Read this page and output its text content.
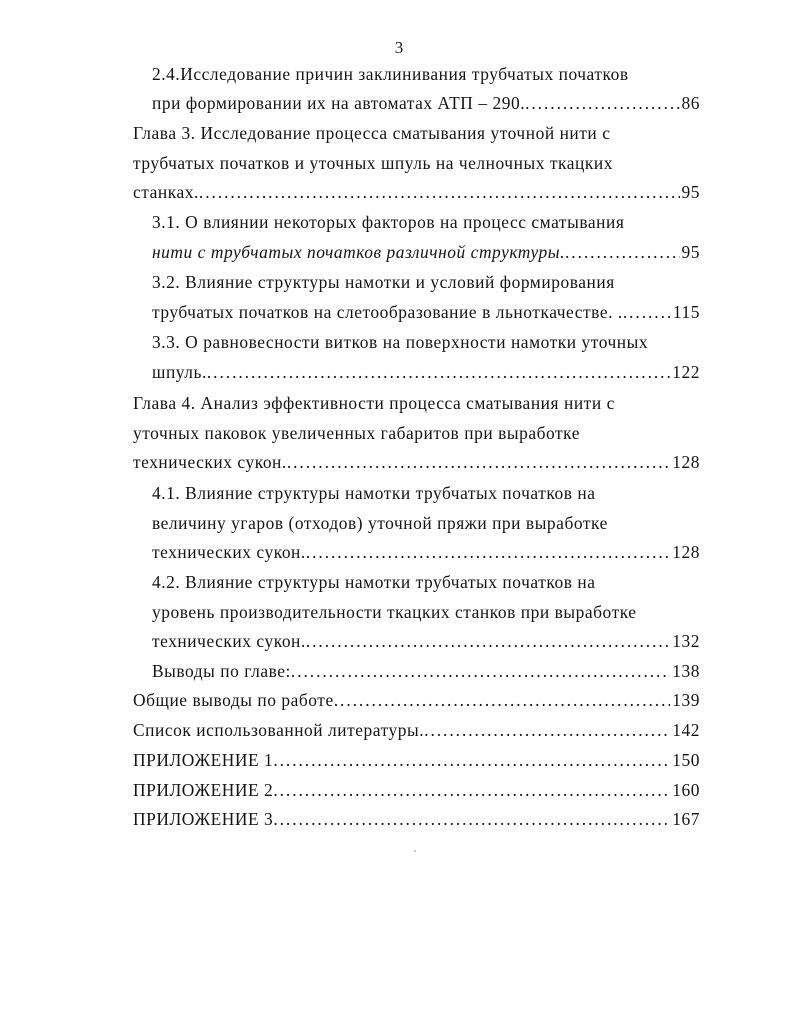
3
2.4.Исследование причин заклинивания трубчатых початков
при формировании их на автоматах АТП – 290. . . .	86
Глава 3. Исследование процесса сматывания уточной нити с
трубчатых початков и уточных шпуль на челночных ткацких
станках. . . .	95
3.1. О влиянии некоторых факторов на процесс сматывания
нити с трубчатых початков различной структуры. . . .	95
3.2. Влияние структуры намотки и условий формирования
трубчатых початков на слетообразование в льноткачестве. . . . .	115
3.3. О равновесности витков на поверхности намотки уточных
шпуль. . . .	122
Глава 4. Анализ эффективности процесса сматывания нити с
уточных паковок увеличенных габаритов при выработке
технических сукон. . . .	128
4.1. Влияние структуры намотки трубчатых початков на
величину угаров (отходов) уточной пряжи при выработке
технических сукон. . . .	128
4.2. Влияние структуры намотки трубчатых початков на
уровень производительности ткацких станков при выработке
технических сукон. . . .	132
Выводы по главе: . . .	138
Общие выводы по работе . . .	139
Список использованной литературы. . . .	142
ПРИЛОЖЕНИЕ 1 . . .	150
ПРИЛОЖЕНИЕ 2 . . .	160
ПРИЛОЖЕНИЕ 3 . . .	167
